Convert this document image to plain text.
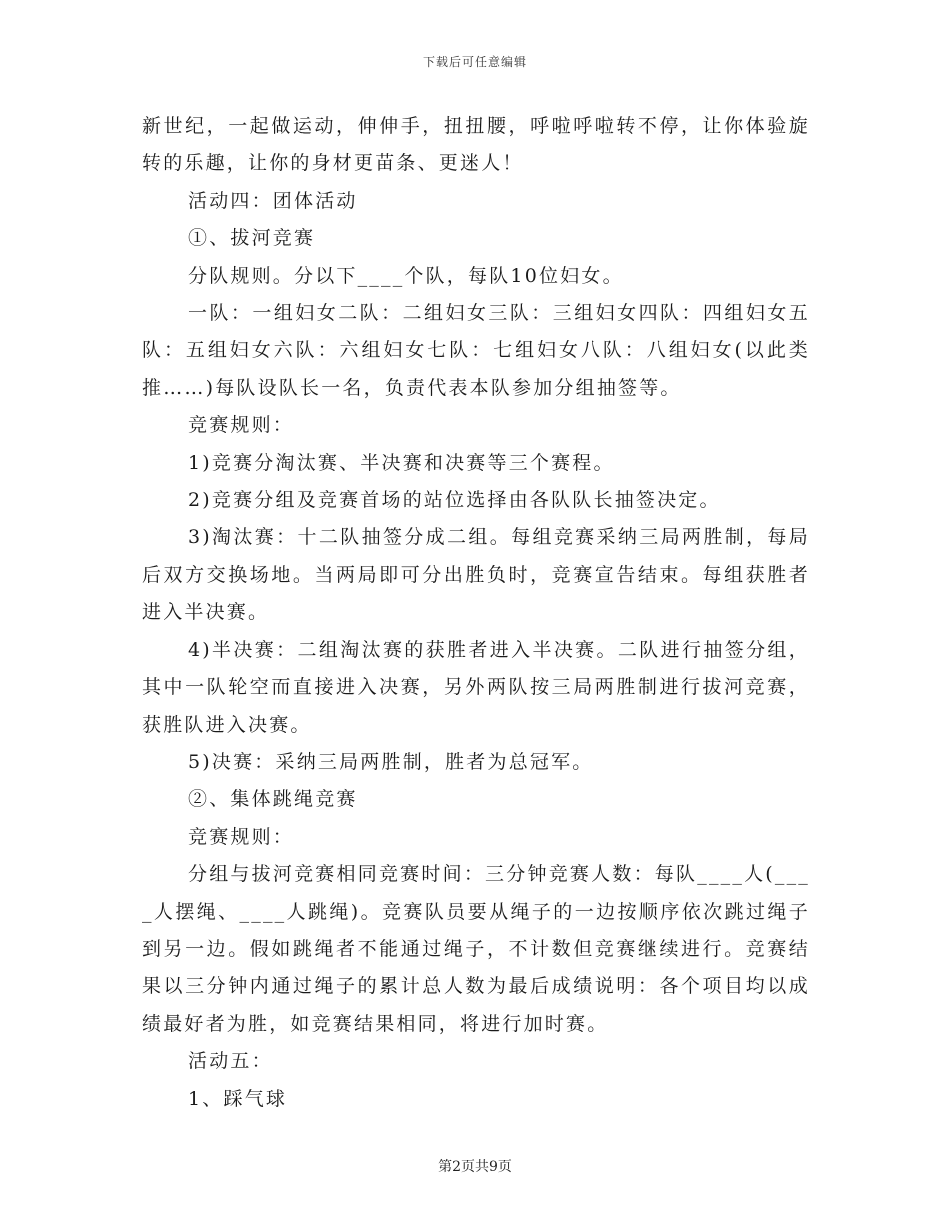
下载后可任意编辑

新世纪，一起做运动，伸伸手，扭扭腰，呼啦呼啦转不停，让你体验旋转的乐趣，让你的身材更苗条、更迷人！

活动四：团体活动

①、拔河竞赛

分队规则。分以下____个队，每队10位妇女。

一队：一组妇女二队：二组妇女三队：三组妇女四队：四组妇女五队：五组妇女六队：六组妇女七队：七组妇女八队：八组妇女(以此类推……)每队设队长一名，负责代表本队参加分组抽签等。

竞赛规则：

1)竞赛分淘汰赛、半决赛和决赛等三个赛程。

2)竞赛分组及竞赛首场的站位选择由各队队长抽签决定。

3)淘汰赛：十二队抽签分成二组。每组竞赛采纳三局两胜制，每局后双方交换场地。当两局即可分出胜负时，竞赛宣告结束。每组获胜者进入半决赛。

4)半决赛：二组淘汰赛的获胜者进入半决赛。二队进行抽签分组，其中一队轮空而直接进入决赛，另外两队按三局两胜制进行拔河竞赛，获胜队进入决赛。

5)决赛：采纳三局两胜制，胜者为总冠军。

②、集体跳绳竞赛

竞赛规则：

分组与拔河竞赛相同竞赛时间：三分钟竞赛人数：每队____人(____人摆绳、____人跳绳)。竞赛队员要从绳子的一边按顺序依次跳过绳子到另一边。假如跳绳者不能通过绳子，不计数但竞赛继续进行。竞赛结果以三分钟内通过绳子的累计总人数为最后成绩说明：各个项目均以成绩最好者为胜，如竞赛结果相同，将进行加时赛。

活动五：

1、踩气球

第2页共9页
